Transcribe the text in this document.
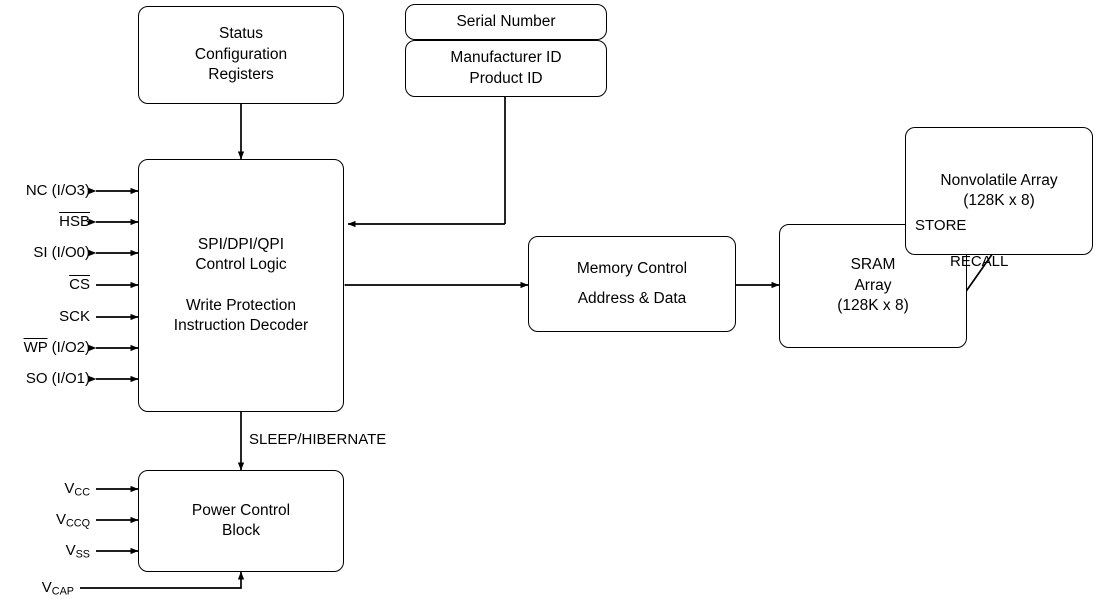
Status
Configuration
Registers
Serial Number
Manufacturer ID
Product ID
SPI/DPI/QPI
Control Logic
Write Protection
Instruction Decoder
Memory Control
Address & Data
SRAM
Array
(128K x 8)
Nonvolatile Array
(128K x 8)
Power Control
Block
NC (I/O3)
$\overline{HSB}$
SI (I/O0)
$\overline{CS}$
SCK
$\overline{WP}$ (I/O2)
SO (I/O1)
$V_{CC}$
$V_{CCQ}$
$V_{SS}$
$V_{CAP}$
SLEEP/HIBERNATE
STORE
RECALL
